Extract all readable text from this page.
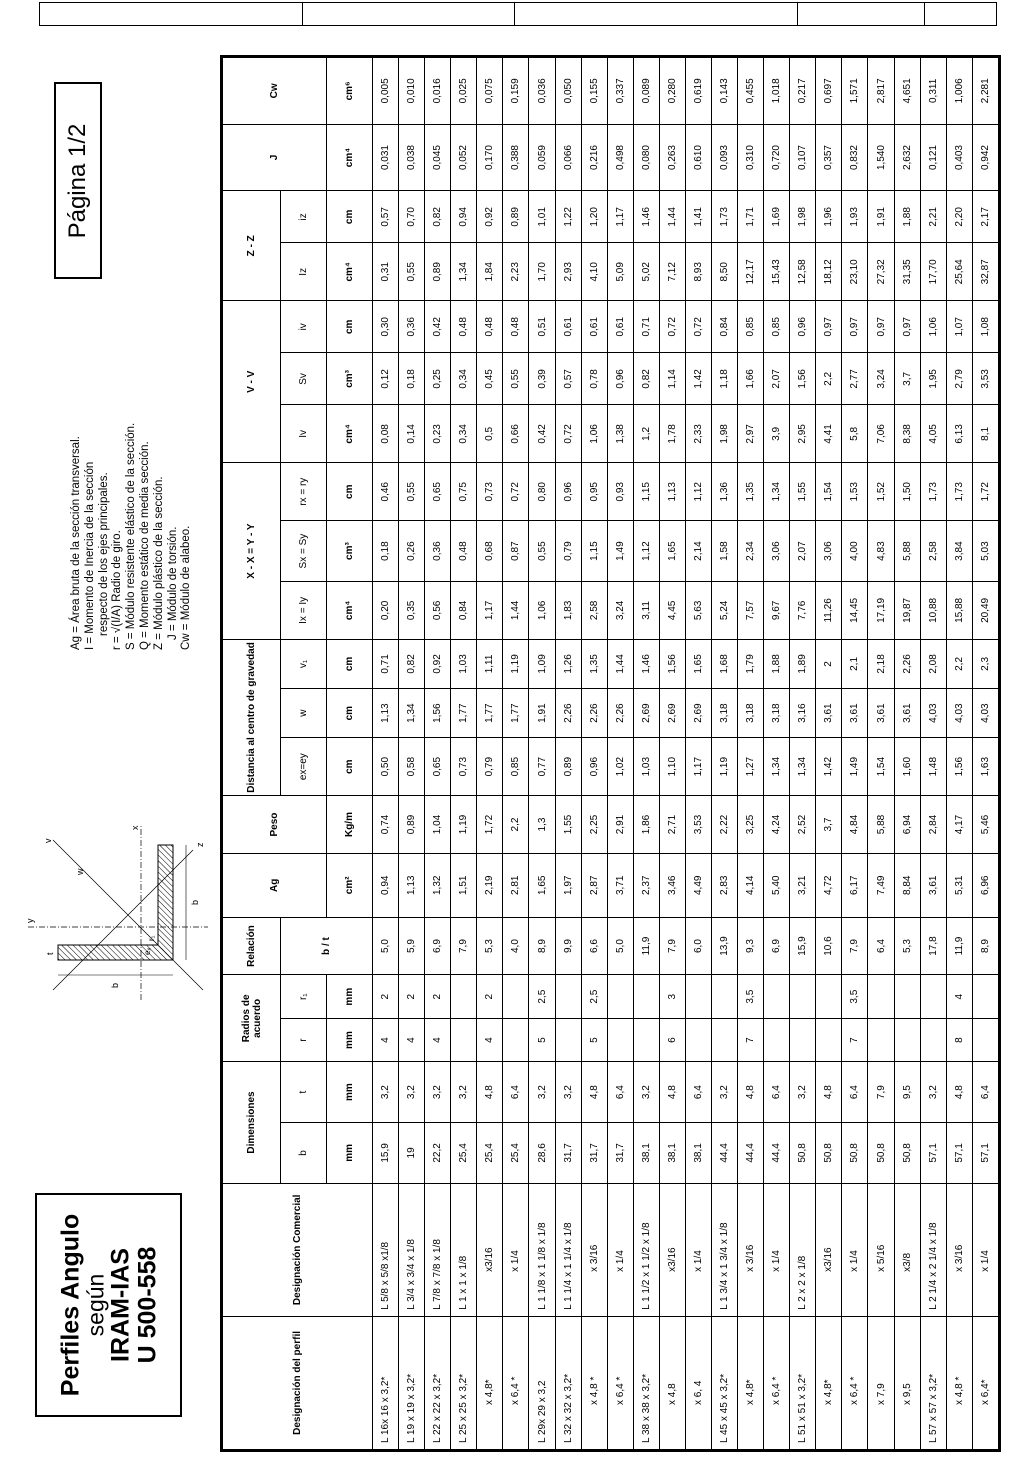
Página 1/2
Ag = Área bruta de la sección transversal. I = Momento de Inercia de la sección respecto de los ejes principales. r = √(I/A) Radio de giro. S = Módulo resistente elástico de la sección. Q = Momento estático de media sección. Z = Módulo plástico de la sección. J = Módulo de torsión. Cw = Módulo de alabeo.
b
b
y
x
v
z
w
t
r₁
eₓ
Perfiles Angulo
según
IRAM-IAS
U 500-558
Designación del perfil	Designación Comercial	Dimensiones		Radios de acuerdo		Relación	Ag	Peso	Distancia al centro de gravedad			X - X = Y - Y			V - V			Z - Z		J	Cw
		b	t	r	r₁	b / t			ex=ey	w	v₁	Ix = Iy	Sx = Sy	rx = ry	Iv	Sv	iv	Iz	iz		
		mm	mm	mm	mm		cm²	Kg/m	cm	cm	cm	cm⁴	cm³	cm	cm⁴	cm³	cm	cm⁴	cm	cm⁴	cm⁶
L 16x 16 x 3,2*	L 5/8 x 5/8 x1/8	15,9	3,2	4	2	5,0	0,94	0,74	0,50	1,13	0,71	0,20	0,18	0,46	0,08	0,12	0,30	0,31	0,57	0,031	0,005
L 19 x 19 x 3,2*	L 3/4 x 3/4 x 1/8	19	3,2	4	2	5,9	1,13	0,89	0,58	1,34	0,82	0,35	0,26	0,55	0,14	0,18	0,36	0,55	0,70	0,038	0,010
L 22 x 22 x 3,2*	L 7/8 x 7/8 x 1/8	22,2	3,2	4	2	6,9	1,32	1,04	0,65	1,56	0,92	0,56	0,36	0,65	0,23	0,25	0,42	0,89	0,82	0,045	0,016
L 25 x 25 x 3,2*	L 1 x 1 x 1/8	25,4	3,2			7,9	1,51	1,19	0,73	1,77	1,03	0,84	0,48	0,75	0,34	0,34	0,48	1,34	0,94	0,052	0,025
x 4,8*	x3/16	25,4	4,8	4	2	5,3	2,19	1,72	0,79	1,77	1,11	1,17	0,68	0,73	0,5	0,45	0,48	1,84	0,92	0,170	0,075
x 6,4 *	x 1/4	25,4	6,4			4,0	2,81	2,2	0,85	1,77	1,19	1,44	0,87	0,72	0,66	0,55	0,48	2,23	0,89	0,388	0,159
L 29x 29 x 3,2	L 1 1/8 x 1 1/8 x 1/8	28,6	3,2	5	2,5	8,9	1,65	1,3	0,77	1,91	1,09	1,06	0,55	0,80	0,42	0,39	0,51	1,70	1,01	0,059	0,036
L 32 x 32 x 3,2*	L 1 1/4 x 1 1/4 x 1/8	31,7	3,2			9,9	1,97	1,55	0,89	2,26	1,26	1,83	0,79	0,96	0,72	0,57	0,61	2,93	1,22	0,066	0,050
x 4,8 *	x 3/16	31,7	4,8	5	2,5	6,6	2,87	2,25	0,96	2,26	1,35	2,58	1,15	0,95	1,06	0,78	0,61	4,10	1,20	0,216	0,155
x 6,4 *	x 1/4	31,7	6,4			5,0	3,71	2,91	1,02	2,26	1,44	3,24	1,49	0,93	1,38	0,96	0,61	5,09	1,17	0,498	0,337
L 38 x 38 x 3,2*	L 1 1/2 x 1 1/2 x 1/8	38,1	3,2			11,9	2,37	1,86	1,03	2,69	1,46	3,11	1,12	1,15	1,2	0,82	0,71	5,02	1,46	0,080	0,089
x 4,8	x3/16	38,1	4,8	6	3	7,9	3,46	2,71	1,10	2,69	1,56	4,45	1,65	1,13	1,78	1,14	0,72	7,12	1,44	0,263	0,280
x 6, 4	x 1/4	38,1	6,4			6,0	4,49	3,53	1,17	2,69	1,65	5,63	2,14	1,12	2,33	1,42	0,72	8,93	1,41	0,610	0,619
L 45 x 45 x 3,2*	L 1 3/4 x 1 3/4 x 1/8	44,4	3,2			13,9	2,83	2,22	1,19	3,18	1,68	5,24	1,58	1,36	1,98	1,18	0,84	8,50	1,73	0,093	0,143
x 4,8*	x 3/16	44,4	4,8	7	3,5	9,3	4,14	3,25	1,27	3,18	1,79	7,57	2,34	1,35	2,97	1,66	0,85	12,17	1,71	0,310	0,455
x 6,4 *	x 1/4	44,4	6,4			6,9	5,40	4,24	1,34	3,18	1,88	9,67	3,06	1,34	3,9	2,07	0,85	15,43	1,69	0,720	1,018
L 51 x 51 x 3,2*	L 2 x 2 x 1/8	50,8	3,2			15,9	3,21	2,52	1,34	3,16	1,89	7,76	2,07	1,55	2,95	1,56	0,96	12,58	1,98	0,107	0,217
x 4,8*	x3/16	50,8	4,8			10,6	4,72	3,7	1,42	3,61	2	11,26	3,06	1,54	4,41	2,2	0,97	18,12	1,96	0,357	0,697
x 6,4 *	x 1/4	50,8	6,4	7	3,5	7,9	6,17	4,84	1,49	3,61	2,1	14,45	4,00	1,53	5,8	2,77	0,97	23,10	1,93	0,832	1,571
x 7,9	x 5/16	50,8	7,9			6,4	7,49	5,88	1,54	3,61	2,18	17,19	4,83	1,52	7,06	3,24	0,97	27,32	1,91	1,540	2,817
x 9,5	x3/8	50,8	9,5			5,3	8,84	6,94	1,60	3,61	2,26	19,87	5,88	1,50	8,38	3,7	0,97	31,35	1,88	2,632	4,651
L 57 x 57 x 3,2*	L 2 1/4 x 2 1/4 x 1/8	57,1	3,2			17,8	3,61	2,84	1,48	4,03	2,08	10,88	2,58	1,73	4,05	1,95	1,06	17,70	2,21	0,121	0,311
x 4,8 *	x 3/16	57,1	4,8	8	4	11,9	5,31	4,17	1,56	4,03	2,2	15,88	3,84	1,73	6,13	2,79	1,07	25,64	2,20	0,403	1,006
x 6,4*	x 1/4	57,1	6,4			8,9	6,96	5,46	1,63	4,03	2,3	20,49	5,03	1,72	8,1	3,53	1,08	32,87	2,17	0,942	2,281
